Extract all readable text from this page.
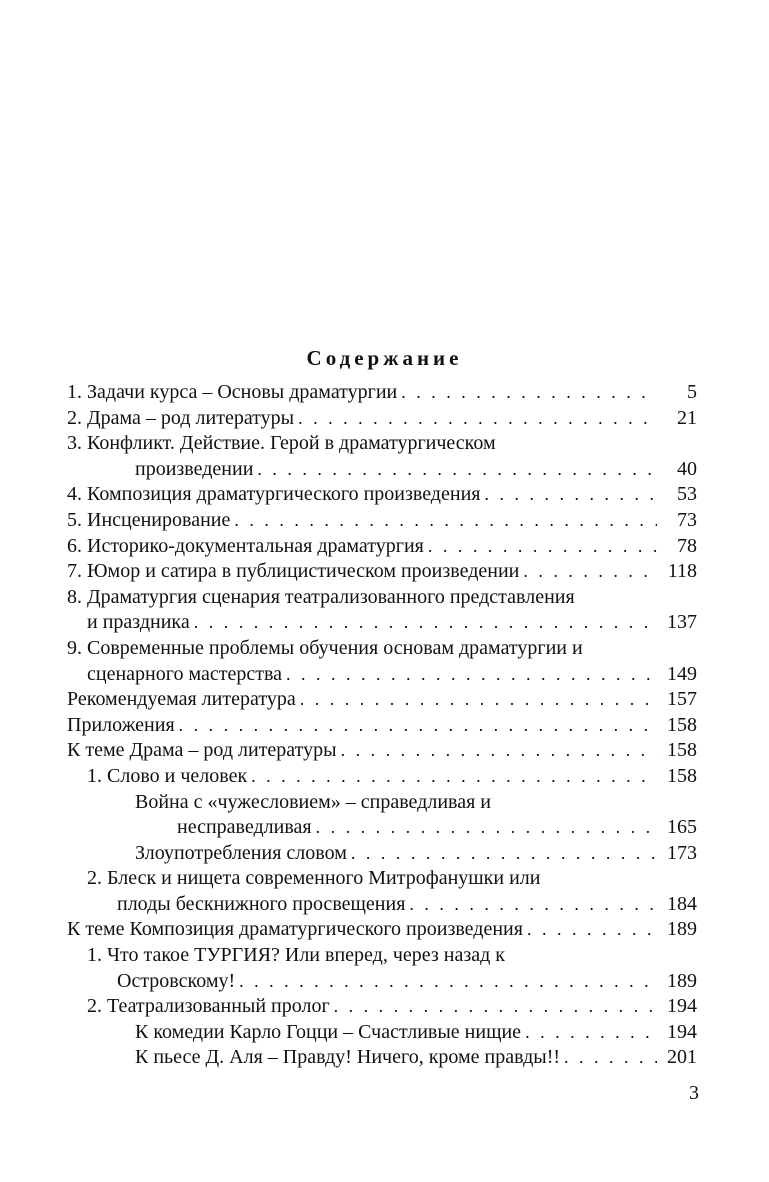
Содержание
1. Задачи курса – Основы драматургии . . .	5
2. Драма – род литературы . . .	21
3. Конфликт. Действие. Герой в драматургическом
произведении . . .	40
4. Композиция драматургического произведения . . .	53
5. Инсценирование . . .	73
6. Историко-документальная драматургия . . .	78
7. Юмор и сатира в публицистическом произведении . . .	118
8. Драматургия сценария театрализованного представления
и праздника . . .	137
9. Современные проблемы обучения основам драматургии и
сценарного мастерства . . .	149
Рекомендуемая литература . . .	157
Приложения . . .	158
К теме Драма – род литературы . . .	158
1. Слово и человек . . .	158
Война с «чужесловием» – справедливая и
несправедливая . . .	165
Злоупотребления словом . . .	173
2. Блеск и нищета современного Митрофанушки или
плоды бескнижного просвещения . . .	184
К теме Композиция драматургического произведения . . .	189
1. Что такое ТУРГИЯ? Или вперед, через назад к
Островскому! . . .	189
2. Театрализованный пролог . . .	194
К комедии Карло Гоцци – Счастливые нищие . . .	194
К пьесе Д. Аля – Правду! Ничего, кроме правды!! . . .	201
3
